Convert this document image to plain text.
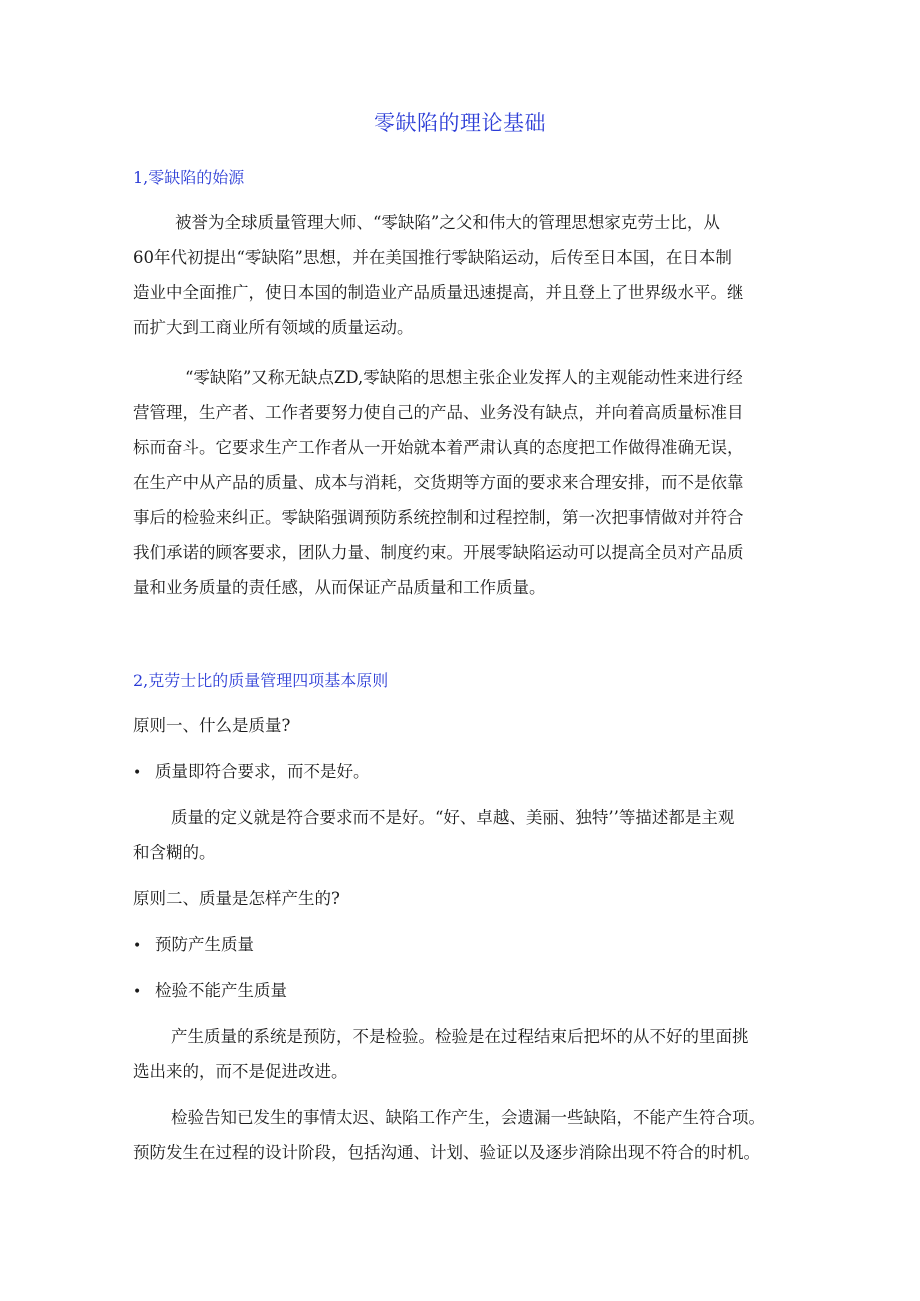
零缺陷的理论基础
1,零缺陷的始源
被誉为全球质量管理大师、“零缺陷”之父和伟大的管理思想家克劳士比，从
60年代初提出“零缺陷”思想，并在美国推行零缺陷运动，后传至日本国，在日本制
造业中全面推广，使日本国的制造业产品质量迅速提高，并且登上了世界级水平。继
而扩大到工商业所有领域的质量运动。
“零缺陷”又称无缺点ZD,零缺陷的思想主张企业发挥人的主观能动性来进行经
营管理，生产者、工作者要努力使自己的产品、业务没有缺点，并向着高质量标准目
标而奋斗。它要求生产工作者从一开始就本着严肃认真的态度把工作做得准确无误，
在生产中从产品的质量、成本与消耗，交货期等方面的要求来合理安排，而不是依靠
事后的检验来纠正。零缺陷强调预防系统控制和过程控制，第一次把事情做对并符合
我们承诺的顾客要求，团队力量、制度约束。开展零缺陷运动可以提高全员对产品质
量和业务质量的责任感，从而保证产品质量和工作质量。
2,克劳士比的质量管理四项基本原则
原则一、什么是质量?
• 质量即符合要求，而不是好。
质量的定义就是符合要求而不是好。“好、卓越、美丽、独特’’等描述都是主观
和含糊的。
原则二、质量是怎样产生的?
• 预防产生质量
• 检验不能产生质量
产生质量的系统是预防，不是检验。检验是在过程结束后把坏的从不好的里面挑
选出来的，而不是促进改进。
检验告知已发生的事情太迟、缺陷工作产生，会遗漏一些缺陷，不能产生符合项。
预防发生在过程的设计阶段，包括沟通、计划、验证以及逐步消除出现不符合的时机。
